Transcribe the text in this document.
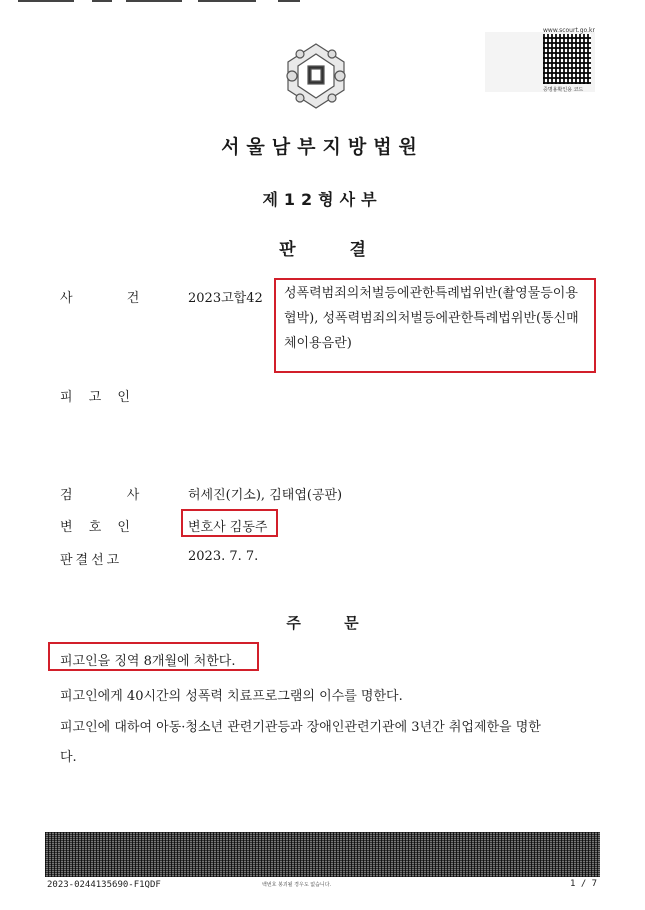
www.scourt.go.kr
증명용확인용 코드
서울남부지방법원
제12형사부
판 결
사 건	2023고합42 성폭력범죄의처벌등에관한특례법위반(촬영물등이용협박), 성폭력범죄의처벌등에관한특례법위반(통신매체이용음란)
피 고 인
검 사	허세진(기소), 김태엽(공판)
변 호 인	변호사 김동주
판결선고	2023. 7. 7.
주 문
피고인을 징역 8개월에 처한다.
피고인에게 40시간의 성폭력 치료프로그램의 이수를 명한다.
피고인에 대하여 아동·청소년 관련기관등과 장애인관련기관에 3년간 취업제한을 명한
다.
2023-0244135690-F1QDF	백번호 봉괴될 경우도 없습니다.	1 / 7
